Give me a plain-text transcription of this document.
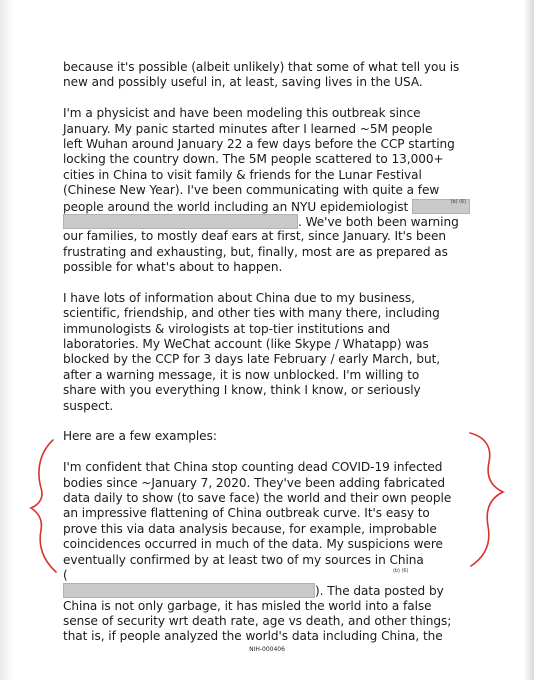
because it's possible (albeit unlikely) that some of what tell you is
new and possibly useful in, at least, saving lives in the USA.
I'm a physicist and have been modeling this outbreak since
January. My panic started minutes after I learned ~5M people
left Wuhan around January 22 a few days before the CCP starting
locking the country down. The 5M people scattered to 13,000+
cities in China to visit family & friends for the Lunar Festival
(Chinese New Year). I've been communicating with quite a few
people around the world including an NYU epidemiologist	(b) (6)
. We've both been warning
our families, to mostly deaf ears at first, since January. It's been
frustrating and exhausting, but, finally, most are as prepared as
possible for what's about to happen.
I have lots of information about China due to my business,
scientific, friendship, and other ties with many there, including
immunologists & virologists at top-tier institutions and
laboratories. My WeChat account (like Skype / Whatapp) was
blocked by the CCP for 3 days late February / early March, but,
after a warning message, it is now unblocked. I'm willing to
share with you everything I know, think I know, or seriously
suspect.
Here are a few examples:
I'm confident that China stop counting dead COVID-19 infected
bodies since ~January 7, 2020. They've been adding fabricated
data daily to show (to save face) the world and their own people
an impressive flattening of China outbreak curve. It's easy to
prove this via data analysis because, for example, improbable
coincidences occurred in much of the data. My suspicions were
eventually confirmed by at least two of my sources in China
(	(b) (6)
). The data posted by
China is not only garbage, it has misled the world into a false
sense of security wrt death rate, age vs death, and other things;
that is, if people analyzed the world's data including China, the
NIH-000406
